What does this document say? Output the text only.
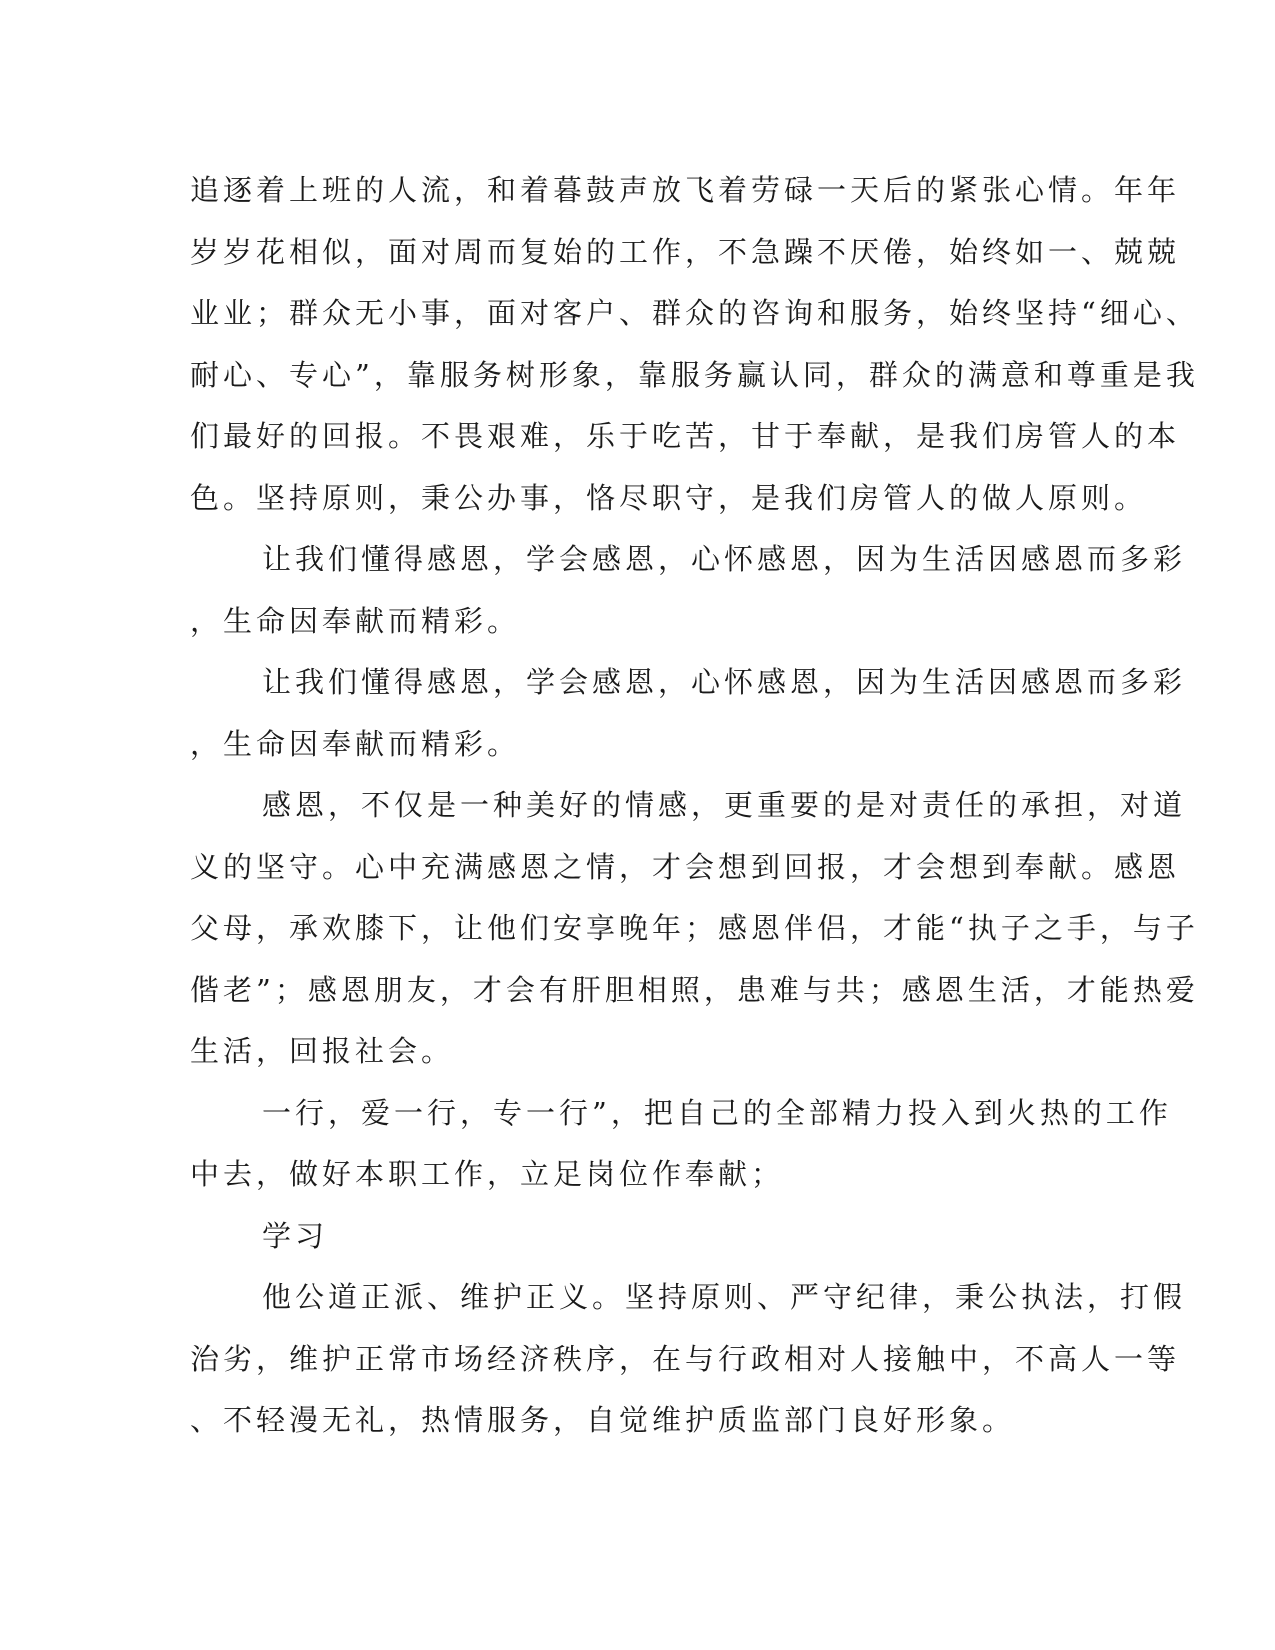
追逐着上班的人流，和着暮鼓声放飞着劳碌一天后的紧张心情。年年
岁岁花相似，面对周而复始的工作，不急躁不厌倦，始终如一、兢兢
业业；群众无小事，面对客户、群众的咨询和服务，始终坚持“细心、
耐心、专心”，靠服务树形象，靠服务赢认同，群众的满意和尊重是我
们最好的回报。不畏艰难，乐于吃苦，甘于奉献，是我们房管人的本
色。坚持原则，秉公办事，恪尽职守，是我们房管人的做人原则。
让我们懂得感恩，学会感恩，心怀感恩，因为生活因感恩而多彩
，生命因奉献而精彩。
让我们懂得感恩，学会感恩，心怀感恩，因为生活因感恩而多彩
，生命因奉献而精彩。
感恩，不仅是一种美好的情感，更重要的是对责任的承担，对道
义的坚守。心中充满感恩之情，才会想到回报，才会想到奉献。感恩
父母，承欢膝下，让他们安享晚年；感恩伴侣，才能“执子之手，与子
偕老”；感恩朋友，才会有肝胆相照，患难与共；感恩生活，才能热爱
生活，回报社会。
一行，爱一行，专一行”，把自己的全部精力投入到火热的工作
中去，做好本职工作，立足岗位作奉献；
学习
他公道正派、维护正义。坚持原则、严守纪律，秉公执法，打假
治劣，维护正常市场经济秩序，在与行政相对人接触中，不高人一等
、不轻漫无礼，热情服务，自觉维护质监部门良好形象。
